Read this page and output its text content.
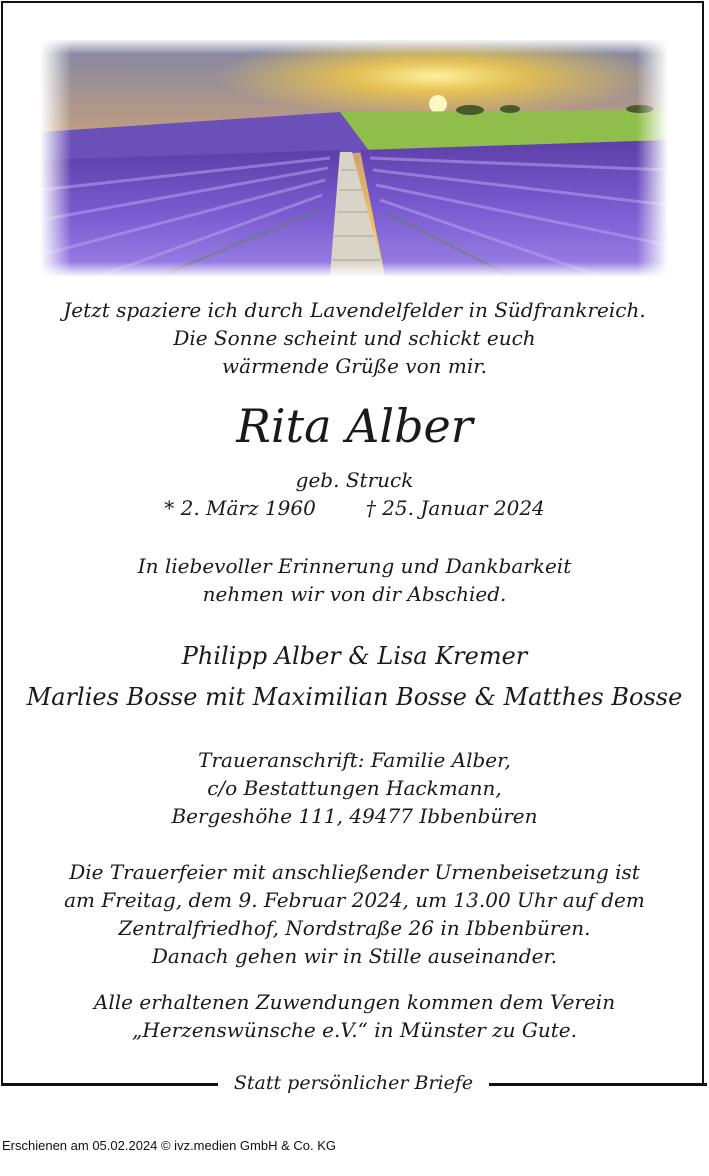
Jetzt spaziere ich durch Lavendelfelder in Südfrankreich.
Die Sonne scheint und schickt euch
wärmende Grüße von mir.
Rita Alber
geb. Struck
* 2. März 1960	† 25. Januar 2024
In liebevoller Erinnerung und Dankbarkeit
nehmen wir von dir Abschied.
Philipp Alber & Lisa Kremer
Marlies Bosse mit Maximilian Bosse & Matthes Bosse
Traueranschrift: Familie Alber,
c/o Bestattungen Hackmann,
Bergeshöhe 111, 49477 Ibbenbüren
Die Trauerfeier mit anschließender Urnenbeisetzung ist
am Freitag, dem 9. Februar 2024, um 13.00 Uhr auf dem
Zentralfriedhof, Nordstraße 26 in Ibbenbüren.
Danach gehen wir in Stille auseinander.
Alle erhaltenen Zuwendungen kommen dem Verein
„Herzenswünsche e.V.“ in Münster zu Gute.
Statt persönlicher Briefe
Erschienen am 05.02.2024 © ivz.medien GmbH & Co. KG
